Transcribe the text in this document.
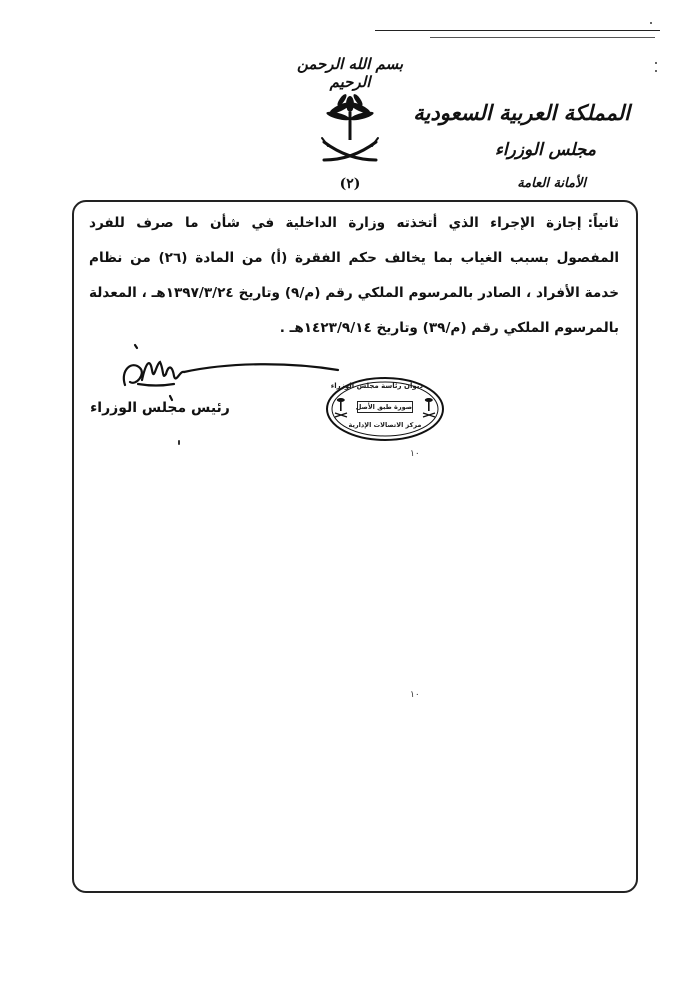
بسم الله الرحمن الرحيم
(٢)
المملكة العربية السعودية
مجلس الوزراء
الأمانة العامة

ثانياً:إجازة الإجراء الذي أتخذته وزارة الداخلية في شأن ما صرف للفرد المفصول بسبب الغياب بما يخالف حكم الفقرة (أ) من المادة (٢٦) من نظام خدمة الأفراد ، الصادر بالمرسوم الملكي رقم (م/٩) وتاريخ ١٣٩٧/٣/٢٤هـ ، المعدلة بالمرسوم الملكي رقم (م/٣٩) وتاريخ ١٤٢٣/٩/١٤هـ .

رئيس مجلس الوزراء
ديوان رئاسة مجلس الوزراء
صورة طبق الأصل
مركز الاتصالات الإدارية
١٠
١٠
